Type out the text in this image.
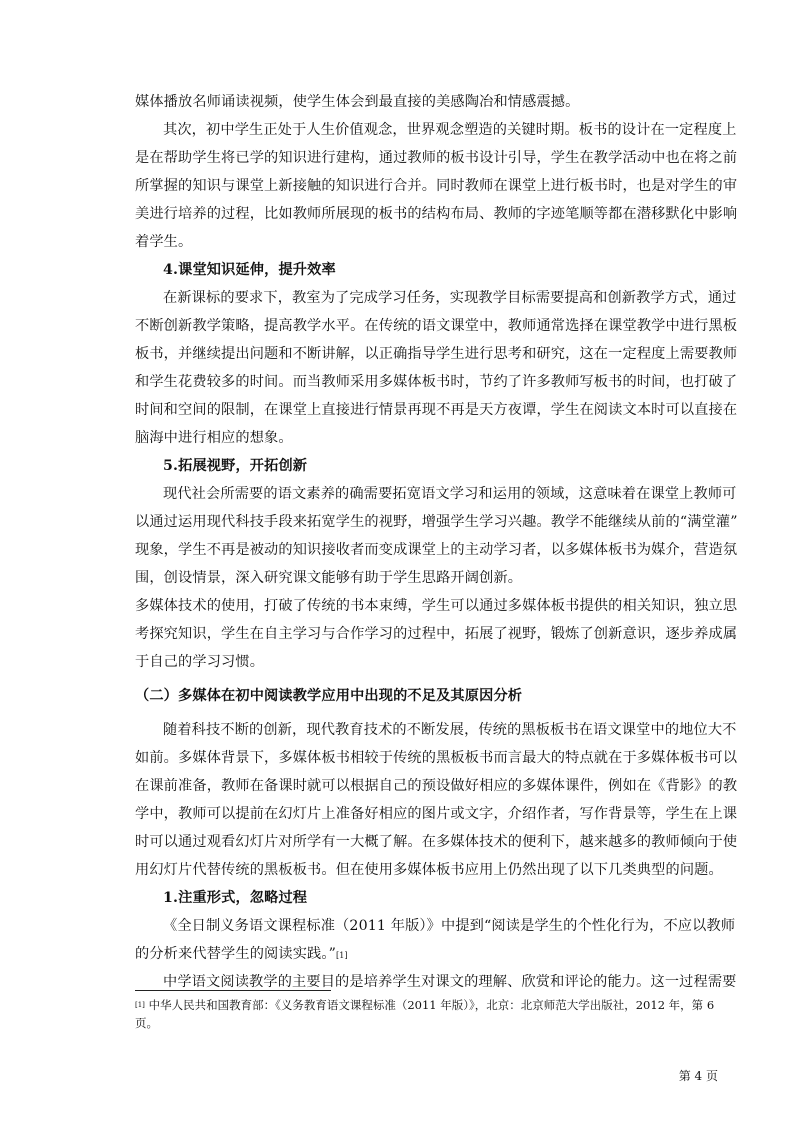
媒体播放名师诵读视频，使学生体会到最直接的美感陶冶和情感震撼。
其次，初中学生正处于人生价值观念，世界观念塑造的关键时期。板书的设计在一定程度上
是在帮助学生将已学的知识进行建构，通过教师的板书设计引导，学生在教学活动中也在将之前
所掌握的知识与课堂上新接触的知识进行合并。同时教师在课堂上进行板书时，也是对学生的审
美进行培养的过程，比如教师所展现的板书的结构布局、教师的字迹笔顺等都在潜移默化中影响
着学生。
4.课堂知识延伸，提升效率
在新课标的要求下，教室为了完成学习任务，实现教学目标需要提高和创新教学方式，通过
不断创新教学策略，提高教学水平。在传统的语文课堂中，教师通常选择在课堂教学中进行黑板
板书，并继续提出问题和不断讲解，以正确指导学生进行思考和研究，这在一定程度上需要教师
和学生花费较多的时间。而当教师采用多媒体板书时，节约了许多教师写板书的时间，也打破了
时间和空间的限制，在课堂上直接进行情景再现不再是天方夜谭，学生在阅读文本时可以直接在
脑海中进行相应的想象。
5.拓展视野，开拓创新
现代社会所需要的语文素养的确需要拓宽语文学习和运用的领域，这意味着在课堂上教师可
以通过运用现代科技手段来拓宽学生的视野，增强学生学习兴趣。教学不能继续从前的“满堂灌”
现象，学生不再是被动的知识接收者而变成课堂上的主动学习者，以多媒体板书为媒介，营造氛
围，创设情景，深入研究课文能够有助于学生思路开阔创新。
多媒体技术的使用，打破了传统的书本束缚，学生可以通过多媒体板书提供的相关知识，独立思
考探究知识，学生在自主学习与合作学习的过程中，拓展了视野，锻炼了创新意识，逐步养成属
于自己的学习习惯。
（二）多媒体在初中阅读教学应用中出现的不足及其原因分析
随着科技不断的创新，现代教育技术的不断发展，传统的黑板板书在语文课堂中的地位大不
如前。多媒体背景下，多媒体板书相较于传统的黑板板书而言最大的特点就在于多媒体板书可以
在课前准备，教师在备课时就可以根据自己的预设做好相应的多媒体课件，例如在《背影》的教
学中，教师可以提前在幻灯片上准备好相应的图片或文字，介绍作者，写作背景等，学生在上课
时可以通过观看幻灯片对所学有一大概了解。在多媒体技术的便利下，越来越多的教师倾向于使
用幻灯片代替传统的黑板板书。但在使用多媒体板书应用上仍然出现了以下几类典型的问题。
1.注重形式，忽略过程
《全日制义务语文课程标准（2011 年版）》中提到“阅读是学生的个性化行为，不应以教师
的分析来代替学生的阅读实践。”[1]
中学语文阅读教学的主要目的是培养学生对课文的理解、欣赏和评论的能力。这一过程需要
[1] 中华人民共和国教育部：《义务教育语文课程标准（2011 年版）》，北京：北京师范大学出版社，2012 年，第 6 页。
第 4 页
